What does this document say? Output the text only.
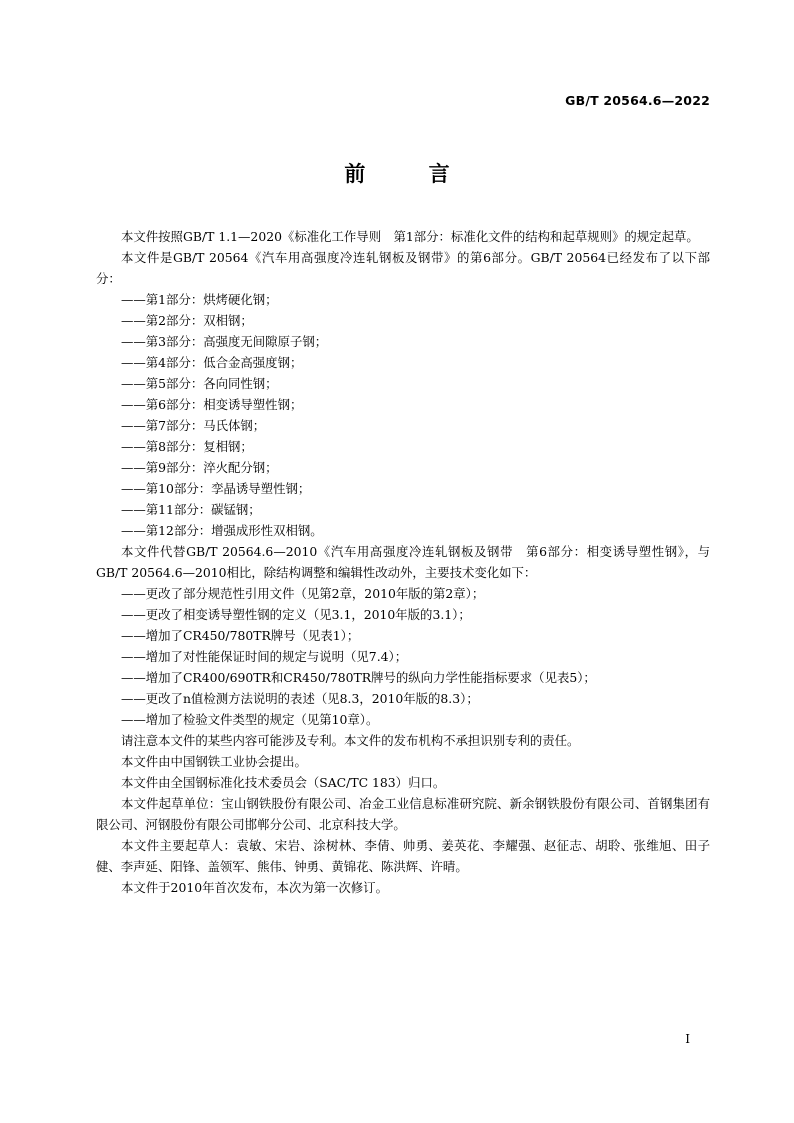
GB/T 20564.6—2022
前 言

本文件按照GB/T 1.1—2020《标准化工作导则　第1部分：标准化文件的结构和起草规则》的规定起草。

本文件是GB/T 20564《汽车用高强度冷连轧钢板及钢带》的第6部分。GB/T 20564已经发布了以下部分：

——第1部分：烘烤硬化钢；

——第2部分：双相钢；

——第3部分：高强度无间隙原子钢；

——第4部分：低合金高强度钢；

——第5部分：各向同性钢；

——第6部分：相变诱导塑性钢；

——第7部分：马氏体钢；

——第8部分：复相钢；

——第9部分：淬火配分钢；

——第10部分：孪晶诱导塑性钢；

——第11部分：碳锰钢；

——第12部分：增强成形性双相钢。

本文件代替GB/T 20564.6—2010《汽车用高强度冷连轧钢板及钢带　第6部分：相变诱导塑性钢》，与GB/T 20564.6—2010相比，除结构调整和编辑性改动外，主要技术变化如下：

——更改了部分规范性引用文件（见第2章，2010年版的第2章）；

——更改了相变诱导塑性钢的定义（见3.1，2010年版的3.1）；

——增加了CR450/780TR牌号（见表1）；

——增加了对性能保证时间的规定与说明（见7.4）；

——增加了CR400/690TR和CR450/780TR牌号的纵向力学性能指标要求（见表5）；

——更改了n值检测方法说明的表述（见8.3，2010年版的8.3）；

——增加了检验文件类型的规定（见第10章）。

请注意本文件的某些内容可能涉及专利。本文件的发布机构不承担识别专利的责任。

本文件由中国钢铁工业协会提出。

本文件由全国钢标准化技术委员会（SAC/TC 183）归口。

本文件起草单位：宝山钢铁股份有限公司、冶金工业信息标准研究院、新余钢铁股份有限公司、首钢集团有限公司、河钢股份有限公司邯郸分公司、北京科技大学。

本文件主要起草人：袁敏、宋岩、涂树林、李倩、帅勇、姜英花、李耀强、赵征志、胡聆、张维旭、田子健、李声延、阳锋、盖领军、熊伟、钟勇、黄锦花、陈洪辉、许晴。

本文件于2010年首次发布，本次为第一次修订。

I
